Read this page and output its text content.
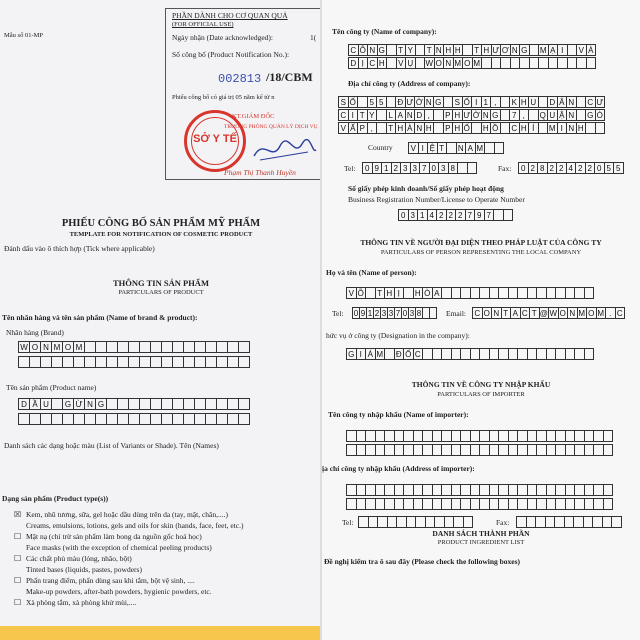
Mẫu số 01-MP
PHẦN DÀNH CHO CƠ QUAN QUẢ
(FOR OFFICIAL USE)
Ngày nhận (Date acknowledged):	1(
Số công bố (Product Notification No.):
002813 /18/CBM
Phiếu công bố có giá trị 05 năm kể từ n
SỞ Y TẾ
KT.GIÁM ĐỐC
TRƯỞNG PHÒNG QUẢN LÝ DỊCH VỤ
Phạm Thị Thanh Huyền
PHIẾU CÔNG BỐ SẢN PHẨM MỸ PHẨM
TEMPLATE FOR NOTIFICATION OF COSMETIC PRODUCT
Đánh dấu vào ô thích hợp (Tick where applicable)
THÔNG TIN SẢN PHẨM
PARTICULARS OF PRODUCT
Tên nhãn hàng và tên sản phẩm (Name of brand & product):
Nhãn hàng (Brand)
W O N M O M
Tên sản phẩm (Product name)
D Ầ U	G Ừ N G
Danh sách các dạng hoặc màu (List of Variants or Shade). Tên (Names)
Dạng sản phẩm (Product type(s))
☒ Kem, nhũ tương, sữa, gel hoặc dầu dùng trên da (tay, mặt, chân,....)
Creams, emulsions, lotions, gels and oils for skin (hands, face, feet, etc.)
☐ Mặt nạ (chỉ trừ sản phẩm làm bong da nguồn gốc hoá học)
Face masks (with the exception of chemical peeling products)
☐ Các chất phủ màu (lỏng, nhão, bột)
Tinted bases (liquids, pastes, powders)
☐ Phấn trang điểm, phấn dùng sau khi tắm, bột vệ sinh, ....
Make-up powders, after-bath powders, hygienic powders, etc.
☐ Xà phòng tắm, xà phòng khử mùi,....
Tên công ty (Name of company):
C Ô N G	T Y	T N H H	T H Ư Ơ N G M Ạ I	V À
D Ị C H	V Ụ W O N M O M
Địa chỉ công ty (Address of company):
S Ố	5 5	Đ Ư Ờ N G	S Ố I 1 ,	K H U D Â N C Ư
C I T Y	L A N D ,	P H Ư Ờ N G	7 ,	Q U Ậ N G Ò
V Ấ P ,	T H À N H	P H Ố H Ồ C H Í	M I N H
Country	V I Ệ T	N A M
Tel:	0 9 1 2 3 3 7 0 3 8	Fax:	0 2 8 2 2 4 2 2 0 5 5
Số giấy phép kinh doanh/Số giấy phép hoạt động
Business Registration Number/License to Operate Number
0 3 1 4 2 2 2 7 9 7
THÔNG TIN VỀ NGƯỜI ĐẠI DIỆN THEO PHÁP LUẬT CỦA CÔNG TY
PARTICULARS OF PERSON REPRESENTING THE LOCAL COMPANY
Họ và tên (Name of person):
V Õ	T H Ị	H Ò A
Tel: 0 9 1 2 3 3 7 0 3 8	Email: C O N T A C T @ W O N M O M . C
hức vụ ở công ty (Designation in the company):
G I Á M Đ Ố C
THÔNG TIN VỀ CÔNG TY NHẬP KHẨU
PARTICULARS OF IMPORTER
Tên công ty nhập khẩu (Name of importer):
ịa chỉ công ty nhập khẩu (Address of importer):
Tel:	Fax:
DANH SÁCH THÀNH PHẦN
PRODUCT INGREDIENT LIST
Đề nghị kiểm tra ô sau đây (Please check the following boxes)
